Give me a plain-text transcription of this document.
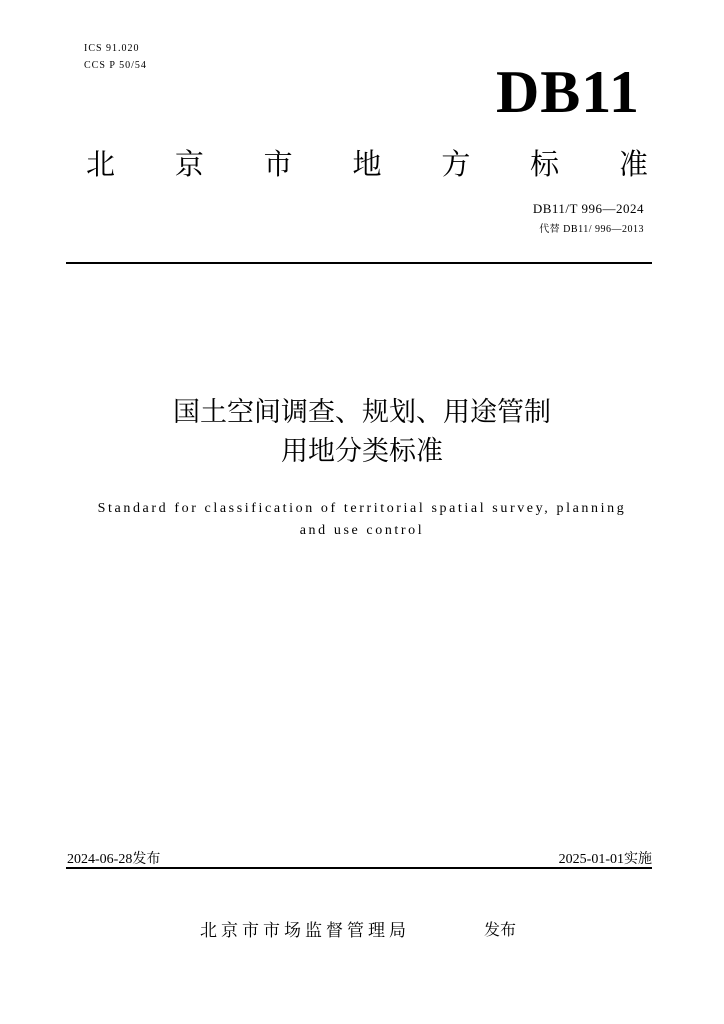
ICS 91.020
CCS P 50/54	DB11
北 京 市 地 方 标 准
DB11/T 996—2024
代替 DB11/ 996—2013
国土空间调查、规划、用途管制
用地分类标准
Standard for classification of territorial spatial survey, planning
and use control
2024-06-28发布	2025-01-01实施
北京市市场监督管理局	发布
